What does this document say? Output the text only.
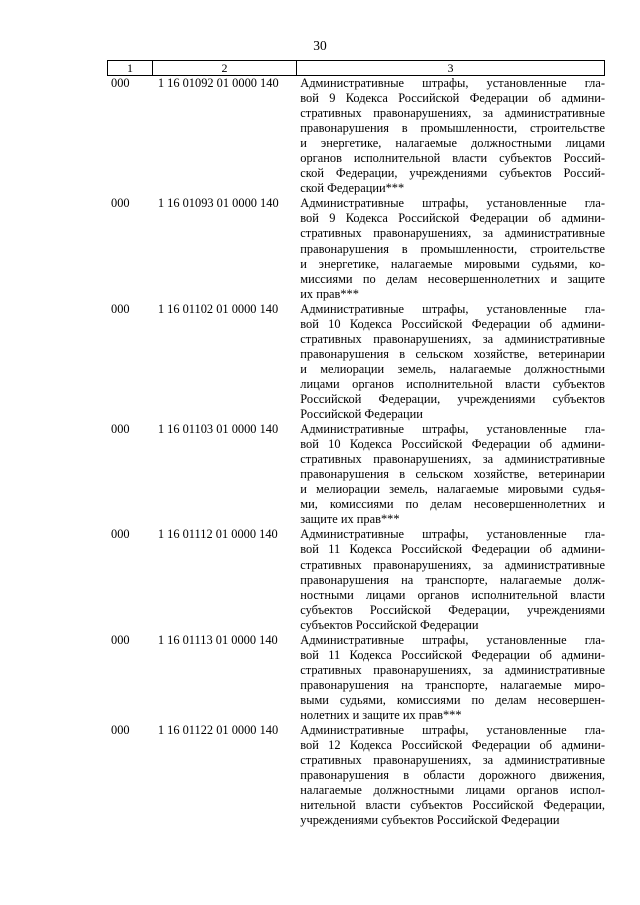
30
1	2	3
000	1 16 01092 01 0000 140	Административные штрафы, установленные гла-
вой 9 Кодекса Российской Федерации об админи-
стративных правонарушениях, за административные
правонарушения в промышленности, строительстве
и энергетике, налагаемые должностными лицами
органов исполнительной власти субъектов Россий-
ской Федерации, учреждениями субъектов Россий-
ской Федерации***
000	1 16 01093 01 0000 140	Административные штрафы, установленные гла-
вой 9 Кодекса Российской Федерации об админи-
стративных правонарушениях, за административные
правонарушения в промышленности, строительстве
и энергетике, налагаемые мировыми судьями, ко-
миссиями по делам несовершеннолетних и защите
их прав***
000	1 16 01102 01 0000 140	Административные штрафы, установленные гла-
вой 10 Кодекса Российской Федерации об админи-
стративных правонарушениях, за административные
правонарушения в сельском хозяйстве, ветеринарии
и мелиорации земель, налагаемые должностными
лицами органов исполнительной власти субъектов
Российской Федерации, учреждениями субъектов
Российской Федерации
000	1 16 01103 01 0000 140	Административные штрафы, установленные гла-
вой 10 Кодекса Российской Федерации об админи-
стративных правонарушениях, за административные
правонарушения в сельском хозяйстве, ветеринарии
и мелиорации земель, налагаемые мировыми судья-
ми, комиссиями по делам несовершеннолетних и
защите их прав***
000	1 16 01112 01 0000 140	Административные штрафы, установленные гла-
вой 11 Кодекса Российской Федерации об админи-
стративных правонарушениях, за административные
правонарушения на транспорте, налагаемые долж-
ностными лицами органов исполнительной власти
субъектов Российской Федерации, учреждениями
субъектов Российской Федерации
000	1 16 01113 01 0000 140	Административные штрафы, установленные гла-
вой 11 Кодекса Российской Федерации об админи-
стративных правонарушениях, за административные
правонарушения на транспорте, налагаемые миро-
выми судьями, комиссиями по делам несовершен-
нолетних и защите их прав***
000	1 16 01122 01 0000 140	Административные штрафы, установленные гла-
вой 12 Кодекса Российской Федерации об админи-
стративных правонарушениях, за административные
правонарушения в области дорожного движения,
налагаемые должностными лицами органов испол-
нительной власти субъектов Российской Федерации,
учреждениями субъектов Российской Федерации
